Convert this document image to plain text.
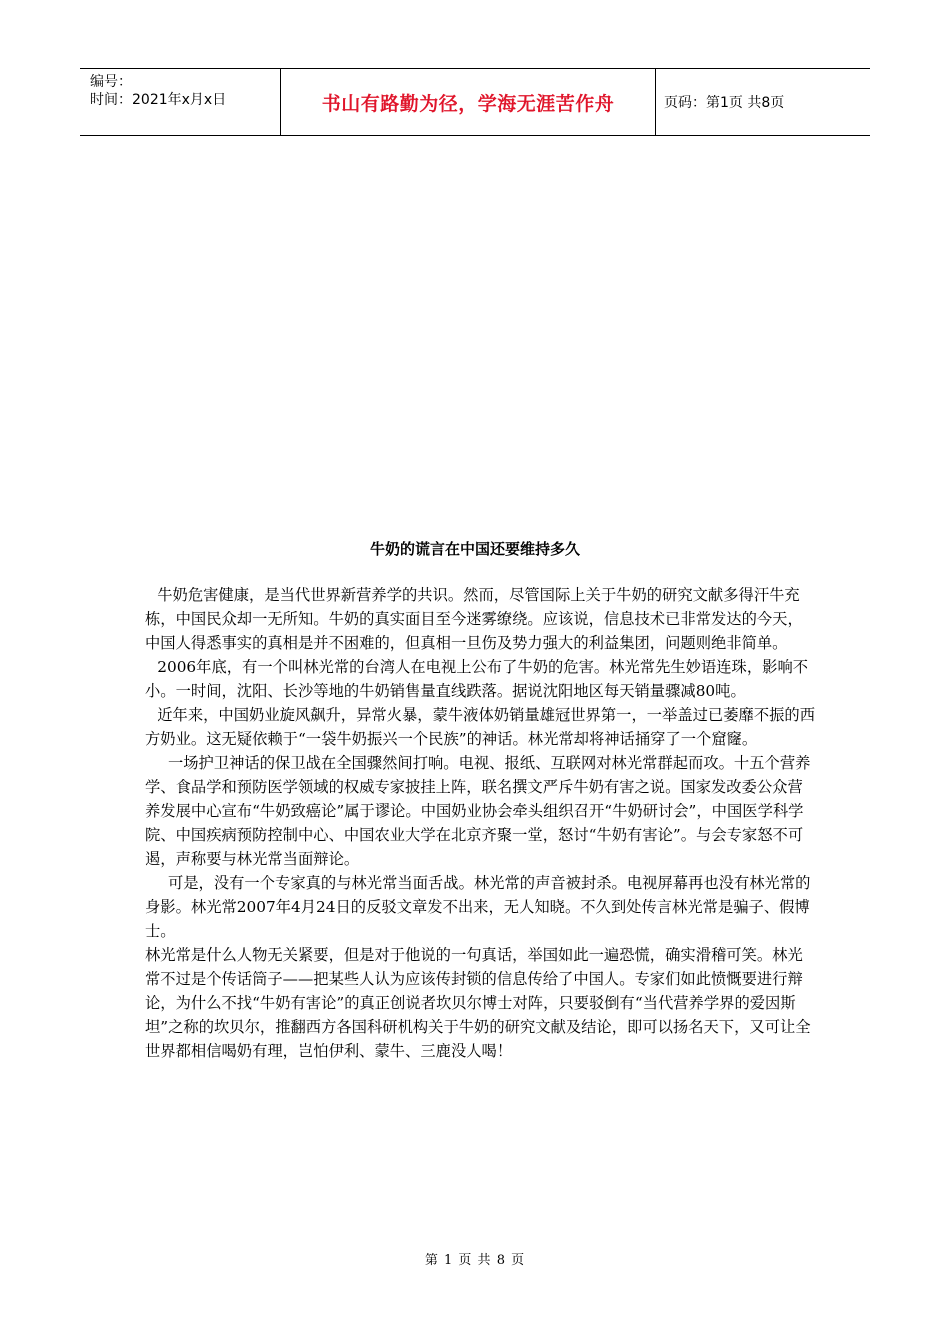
编号：
时间：2021年x月x日	书山有路勤为径，学海无涯苦作舟	页码：第1页 共8页
牛奶的谎言在中国还要维持多久

牛奶危害健康，是当代世界新营养学的共识。然而，尽管国际上关于牛奶的研究文献多得汗牛充栋，中国民众却一无所知。牛奶的真实面目至今迷雾缭绕。应该说，信息技术已非常发达的今天，中国人得悉事实的真相是并不困难的，但真相一旦伤及势力强大的利益集团，问题则绝非简单。

2006年底，有一个叫林光常的台湾人在电视上公布了牛奶的危害。林光常先生妙语连珠，影响不小。一时间，沈阳、长沙等地的牛奶销售量直线跌落。据说沈阳地区每天销量骤减80吨。

近年来，中国奶业旋风飙升，异常火暴，蒙牛液体奶销量雄冠世界第一，一举盖过已萎靡不振的西方奶业。这无疑依赖于“一袋牛奶振兴一个民族”的神话。林光常却将神话捅穿了一个窟窿。

一场护卫神话的保卫战在全国骤然间打响。电视、报纸、互联网对林光常群起而攻。十五个营养学、食品学和预防医学领域的权威专家披挂上阵，联名撰文严斥牛奶有害之说。国家发改委公众营养发展中心宣布“牛奶致癌论”属于谬论。中国奶业协会牵头组织召开“牛奶研讨会”，中国医学科学院、中国疾病预防控制中心、中国农业大学在北京齐聚一堂，怒讨“牛奶有害论”。与会专家怒不可遏，声称要与林光常当面辩论。

可是，没有一个专家真的与林光常当面舌战。林光常的声音被封杀。电视屏幕再也没有林光常的身影。林光常2007年4月24日的反驳文章发不出来，无人知晓。不久到处传言林光常是骗子、假博士。

林光常是什么人物无关紧要，但是对于他说的一句真话，举国如此一遍恐慌，确实滑稽可笑。林光常不过是个传话筒子——把某些人认为应该传封锁的信息传给了中国人。专家们如此愤慨要进行辩论，为什么不找“牛奶有害论”的真正创说者坎贝尔博士对阵，只要驳倒有“当代营养学界的爱因斯坦”之称的坎贝尔，推翻西方各国科研机构关于牛奶的研究文献及结论，即可以扬名天下，又可让全世界都相信喝奶有理，岂怕伊利、蒙牛、三鹿没人喝！

第 1 页 共 8 页
